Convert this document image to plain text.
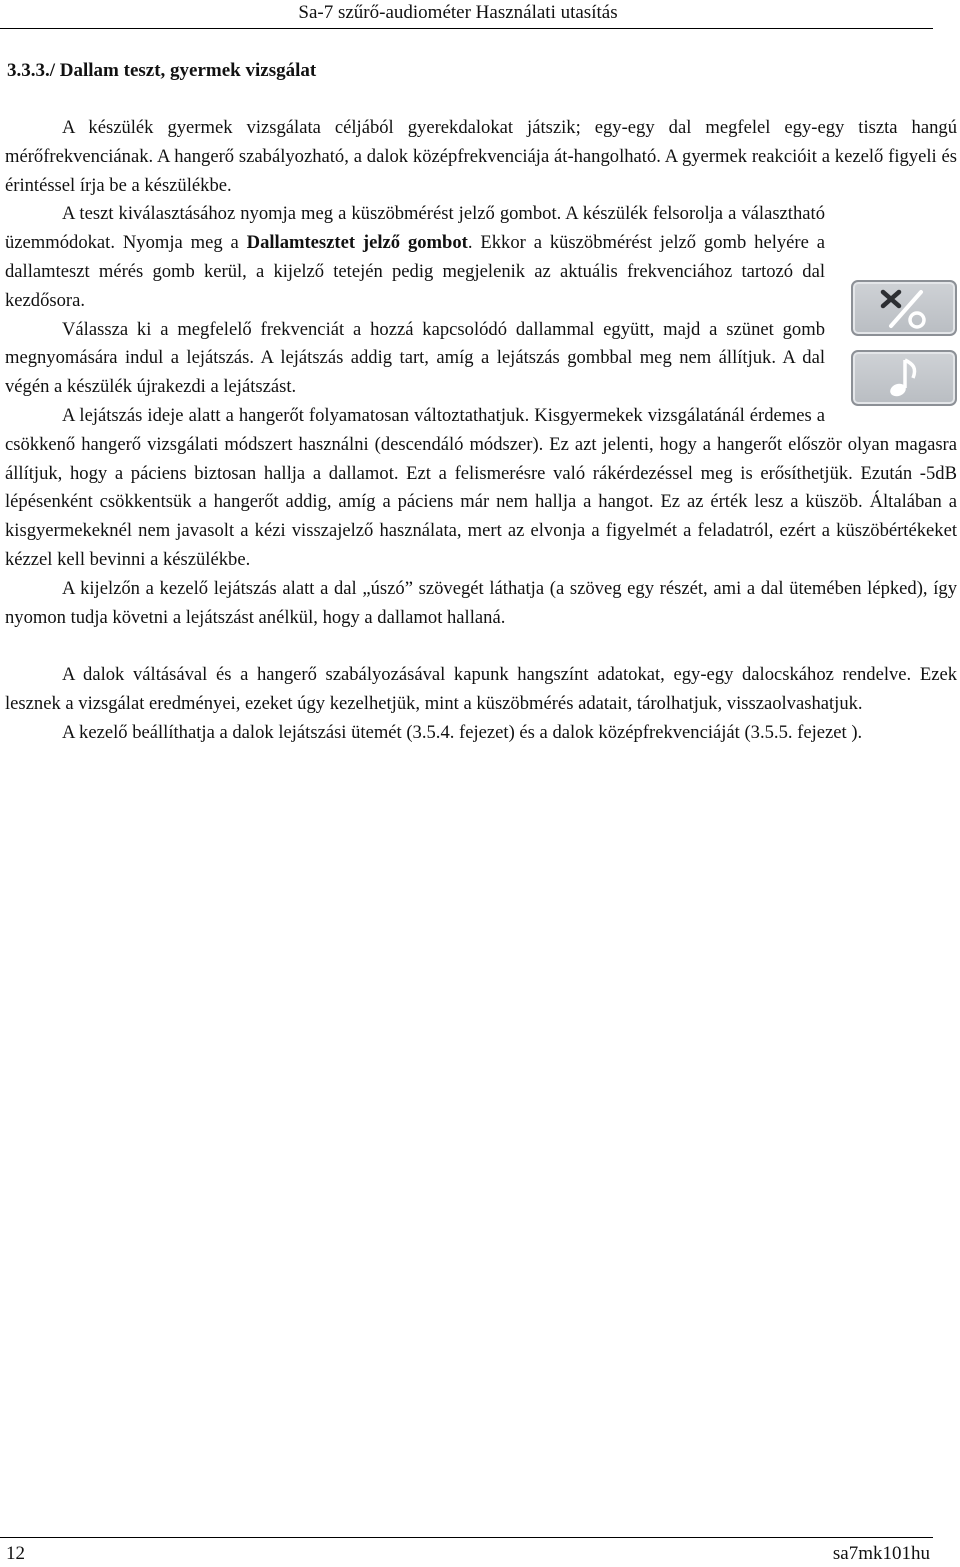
Sa-7 szűrő-audiométer Használati utasítás
3.3.3./ Dallam teszt, gyermek vizsgálat

A készülék gyermek vizsgálata céljából gyerekdalokat játszik; egy-egy dal megfelel egy-egy tiszta hangú mérőfrekvenciának. A hangerő szabályozható, a dalok középfrekvenciája át-hangolható. A gyermek reakcióit a kezelő figyeli és érintéssel írja be a készülékbe.

A teszt kiválasztásához nyomja meg a küszöbmérést jelző gombot. A készülék felsorolja a választható üzemmódokat. Nyomja meg a Dallamtesztet jelző gombot. Ekkor a küszöbmérést jelző gomb helyére a dallamteszt mérés gomb kerül, a kijelző tetején pedig megjelenik az aktuális frekvenciához tartozó dal kezdősora.

Válassza ki a megfelelő frekvenciát a hozzá kapcsolódó dallammal együtt, majd a szünet gomb megnyomására indul a lejátszás. A lejátszás addig tart, amíg a lejátszás gombbal meg nem állítjuk. A dal végén a készülék újrakezdi a lejátszást.

A lejátszás ideje alatt a hangerőt folyamatosan változtathatjuk. Kisgyermekek vizsgálatánál érdemes a csökkenő hangerő vizsgálati módszert használni (descendáló módszer). Ez azt jelenti, hogy a hangerőt először olyan magasra állítjuk, hogy a páciens biztosan hallja a dallamot. Ezt a felismerésre való rákérdezéssel meg is erősíthetjük. Ezután -5dB lépésenként csökkentsük a hangerőt addig, amíg a páciens már nem hallja a hangot. Ez az érték lesz a küszöb. Általában a kisgyermekeknél nem javasolt a kézi visszajelző használata, mert az elvonja a figyelmét a feladatról, ezért a küszöbértékeket kézzel kell bevinni a készülékbe.

A kijelzőn a kezelő lejátszás alatt a dal „úszó” szövegét láthatja (a szöveg egy részét, ami a dal ütemében lépked), így nyomon tudja követni a lejátszást anélkül, hogy a dallamot hallaná.

A dalok váltásával és a hangerő szabályozásával kapunk hangszínt adatokat, egy-egy dalocskához rendelve. Ezek lesznek a vizsgálat eredményei, ezeket úgy kezelhetjük, mint a küszöbmérés adatait, tárolhatjuk, visszaolvashatjuk.

A kezelő beállíthatja a dalok lejátszási ütemét (3.5.4. fejezet) és a dalok középfrekvenciáját (3.5.5. fejezet ).

12	sa7mk101hu
